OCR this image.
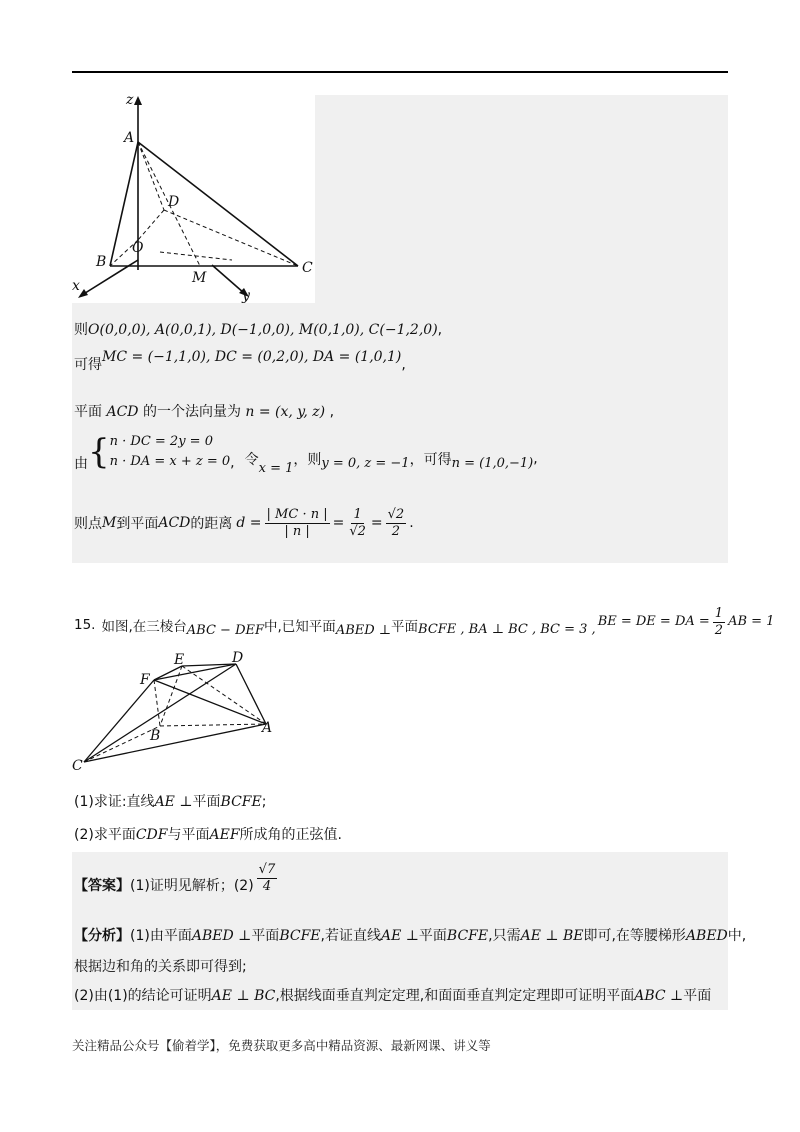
z
A
D
O
B
M
C
x
y
则O(0,0,0), A(0,0,1), D(−1,0,0), M(0,1,0), C(−1,2,0),
可得MC = (−1,1,0), DC = (0,2,0), DA = (1,0,1),
平面 ACD 的一个法向量为 n = (x, y, z) ,
由 { n · DC = 2y = 0
n · DA = x + z = 0 , 令 x = 1 ，则 y = 0, z = −1 ，可得 n = (1,0,−1) ,
则点 M 到平面 ACD 的距离 $d = \frac{| MC \cdot n |}{| n |} = \frac{1}{√2} = \frac{√2}{2}$ .
15. 如图,在三棱台 ABC − DEF 中,已知平面 ABED ⊥ 平面 BCFE , BA ⊥ BC , BC = 3 ,
BE = DE = DA = $\frac{1}{2}$ AB = 1
E	D
F
B	A
C
(1)求证:直线AE ⊥平面BCFE;
(2)求平面CDF与平面AEF所成角的正弦值.
【答案】 (1)证明见解析；$(2) \frac{√7}{4}$
【分析】(1)由平面ABED ⊥平面BCFE,若证直线AE ⊥平面BCFE,只需AE ⊥ BE即可,在等腰梯形ABED中,
根据边和角的关系即可得到;
(2)由(1)的结论可证明AE ⊥ BC,根据线面垂直判定定理,和面面垂直判定定理即可证明平面ABC ⊥平面
关注精品公众号【偷着学】，免费获取更多高中精品资源、最新网课、讲义等
